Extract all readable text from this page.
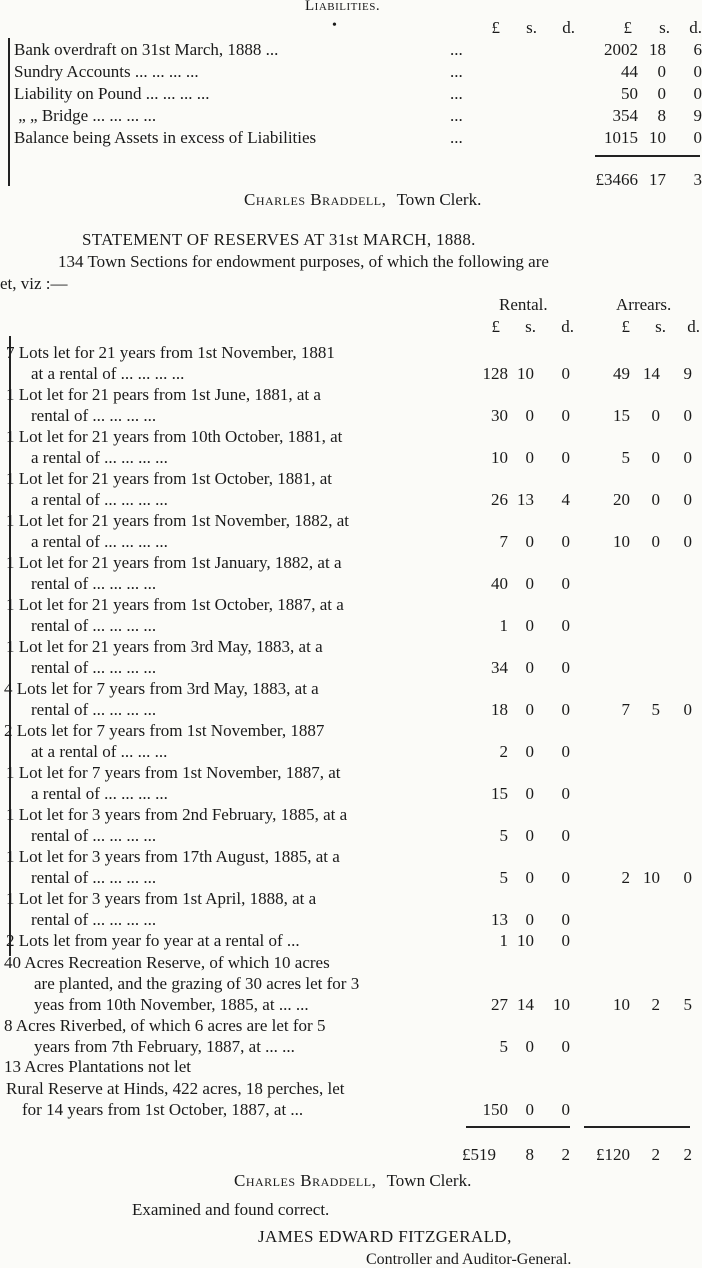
Liabilities.
•	£	s.	d.	£	s.	d.
Bank overdraft on 31st March, 1888 ...	...	2002 18	6
Sundry Accounts ... ... ... ...	...	44	0	0
Liability on Pound ... ... ... ...	...	50	0	0
„ „ Bridge ... ... ... ...	...	354	8	9
Balance being Assets in excess of Liabilities	...	1015 10	0
£3466 17	3
Charles Braddell, Town Clerk.
STATEMENT OF RESERVES AT 31st MARCH, 1888.
134 Town Sections for endowment purposes, of which the following are
et, viz :—
Rental.	Arrears.
£	s.	d.	£	s.	d.
7 Lots let for 21 years from 1st November, 1881
at a rental of ... ... ... ...	128 10	0	49 14	9
1 Lot let for 21 pears from 1st June, 1881, at a
rental of ... ... ... ...	30	0	0	15	0	0
1 Lot let for 21 years from 10th October, 1881, at
a rental of ... ... ... ...	10	0	0	5	0	0
1 Lot let for 21 years from 1st October, 1881, at
a rental of ... ... ... ...	26 13	4	20	0	0
1 Lot let for 21 years from 1st November, 1882, at
a rental of ... ... ... ...	7	0	0	10	0	0
1 Lot let for 21 years from 1st January, 1882, at a
rental of ... ... ... ...	40	0	0
1 Lot let for 21 years from 1st October, 1887, at a
rental of ... ... ... ...	1	0	0
1 Lot let for 21 years from 3rd May, 1883, at a
rental of ... ... ... ...	34	0	0
4 Lots let for 7 years from 3rd May, 1883, at a
rental of ... ... ... ...	18	0	0	7	5	0
2 Lots let for 7 years from 1st November, 1887
at a rental of ... ... ...	2	0	0
1 Lot let for 7 years from 1st November, 1887, at
a rental of ... ... ... ...	15	0	0
1 Lot let for 3 years from 2nd February, 1885, at a
rental of ... ... ... ...	5	0	0
1 Lot let for 3 years from 17th August, 1885, at a
rental of ... ... ... ...	5	0	0	2 10	0
1 Lot let for 3 years from 1st April, 1888, at a
rental of ... ... ... ...	13	0	0
2 Lots let from year fo year at a rental of ...	1 10	0
40 Acres Recreation Reserve, of which 10 acres
are planted, and the grazing of 30 acres let for 3
yeas from 10th November, 1885, at ... ...	27 14	10	10	2	5
8 Acres Riverbed, of which 6 acres are let for 5
years from 7th February, 1887, at ... ...	5	0	0
13 Acres Plantations not let
Rural Reserve at Hinds, 422 acres, 18 perches, let
for 14 years from 1st October, 1887, at ...	150	0	0
£519	8	2	£120	2	2
Charles Braddell, Town Clerk.
Examined and found correct.
JAMES EDWARD FITZGERALD,
Controller and Auditor-General.
